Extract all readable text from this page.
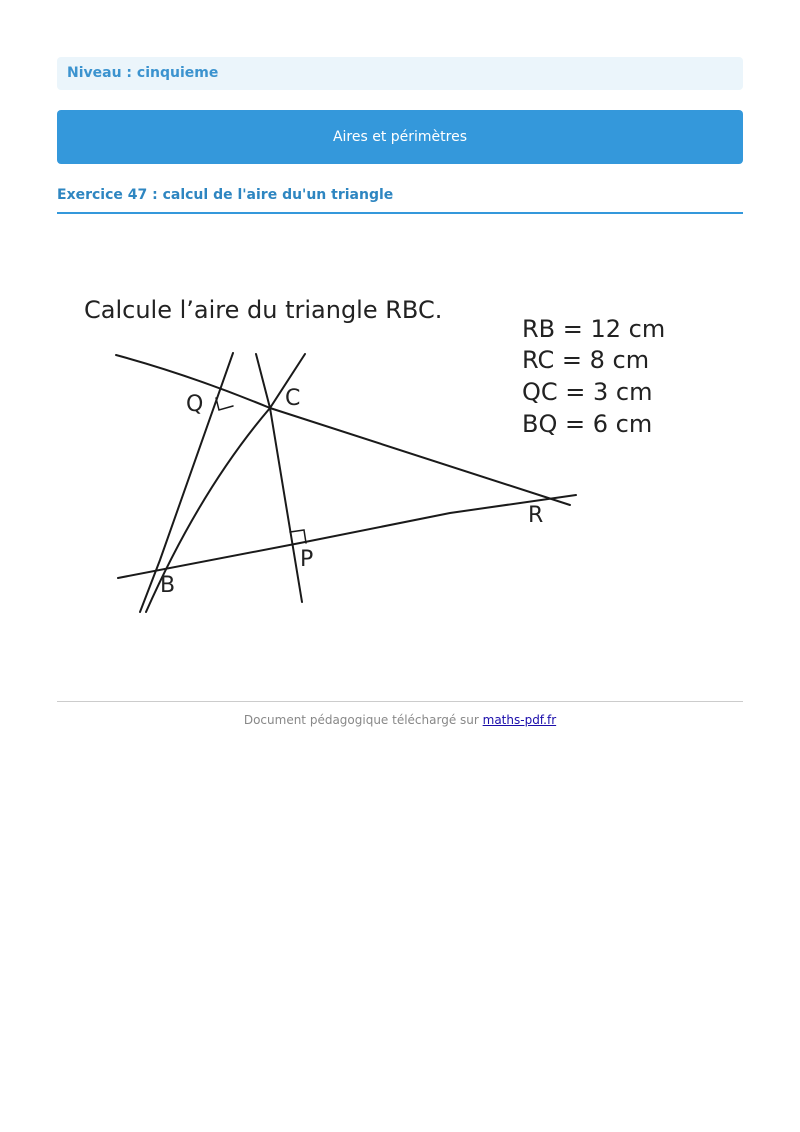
Niveau : cinquieme
Aires et périmètres
Exercice 47 : calcul de l'aire du'un triangle
Calcule l’aire du triangle RBC.
RB = 12 cm
RC = 8 cm
QC = 3 cm
BQ = 6 cm
Q	C
R
P
B
Document pédagogique téléchargé sur maths-pdf.fr
